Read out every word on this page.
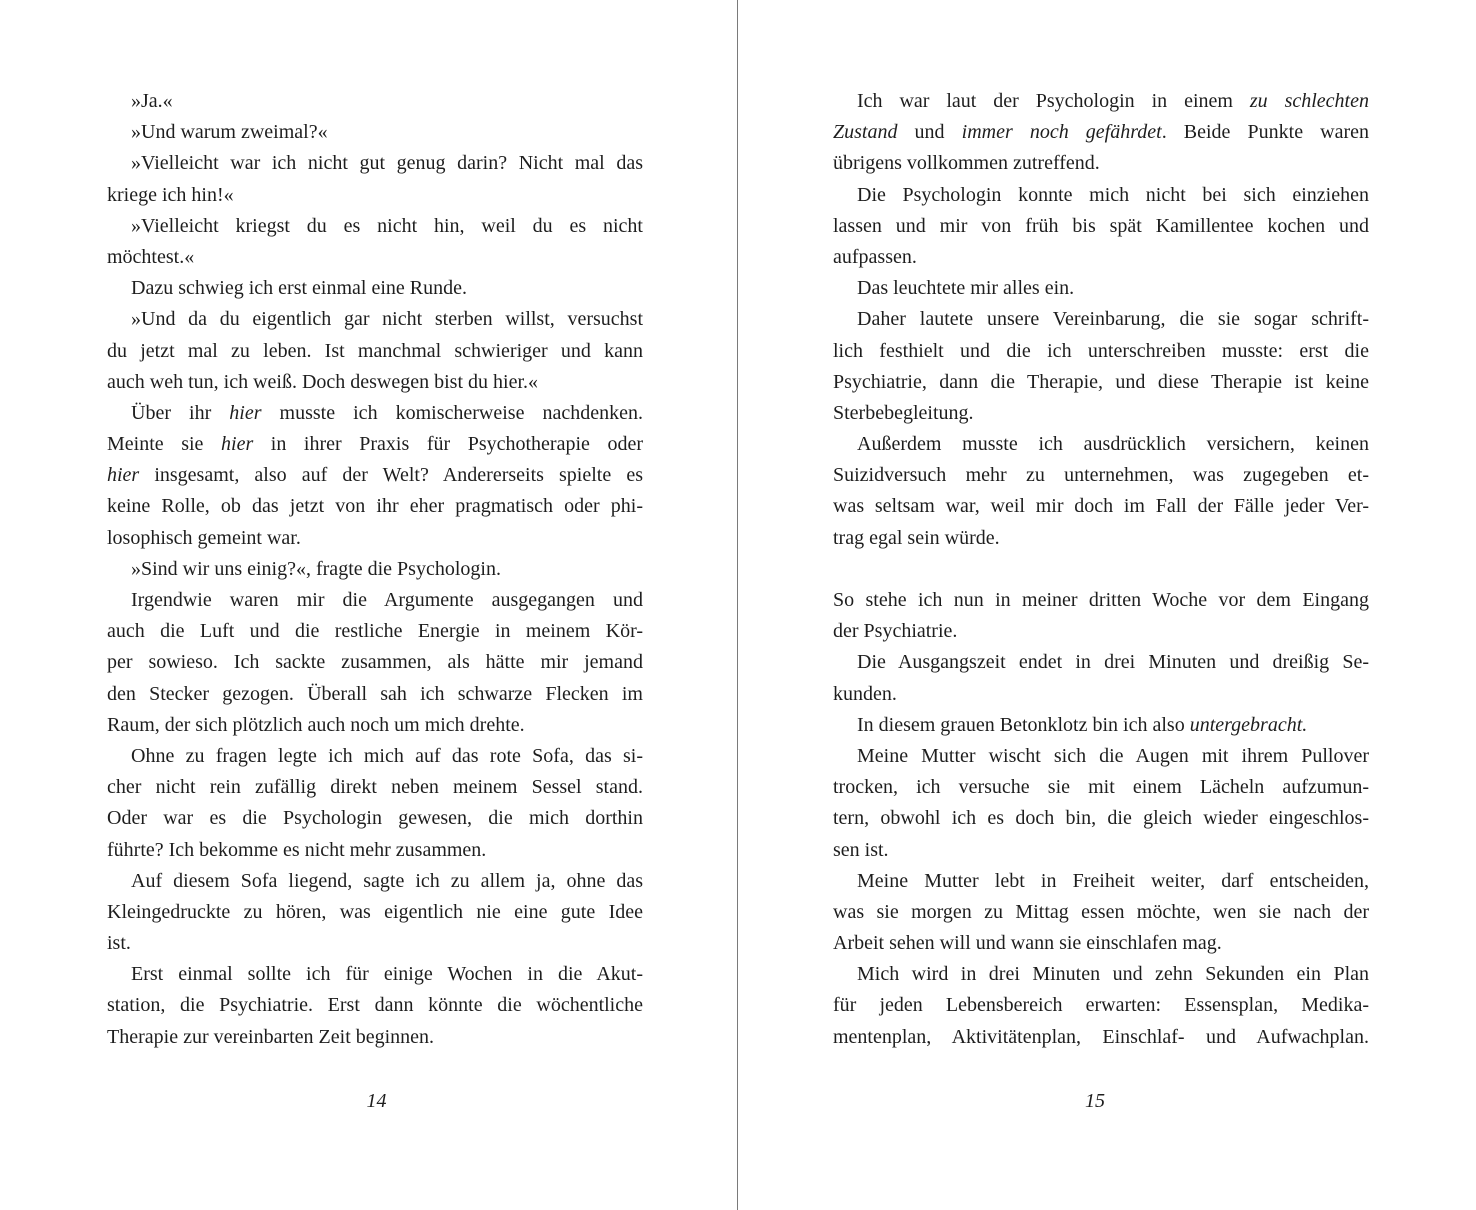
»Ja.«
»Und warum zweimal?«
»Vielleicht war ich nicht gut genug darin? Nicht mal das
kriege ich hin!«
»Vielleicht kriegst du es nicht hin, weil du es nicht
möchtest.«
Dazu schwieg ich erst einmal eine Runde.
»Und da du eigentlich gar nicht sterben willst, versuchst
du jetzt mal zu leben. Ist manchmal schwieriger und kann
auch weh tun, ich weiß. Doch deswegen bist du hier.«
Über ihr hier musste ich komischerweise nachdenken.
Meinte sie hier in ihrer Praxis für Psychotherapie oder
hier insgesamt, also auf der Welt? Andererseits spielte es
keine Rolle, ob das jetzt von ihr eher pragmatisch oder phi-
losophisch gemeint war.
»Sind wir uns einig?«, fragte die Psychologin.
Irgendwie waren mir die Argumente ausgegangen und
auch die Luft und die restliche Energie in meinem Kör-
per sowieso. Ich sackte zusammen, als hätte mir jemand
den Stecker gezogen. Überall sah ich schwarze Flecken im
Raum, der sich plötzlich auch noch um mich drehte.
Ohne zu fragen legte ich mich auf das rote Sofa, das si-
cher nicht rein zufällig direkt neben meinem Sessel stand.
Oder war es die Psychologin gewesen, die mich dorthin
führte? Ich bekomme es nicht mehr zusammen.
Auf diesem Sofa liegend, sagte ich zu allem ja, ohne das
Kleingedruckte zu hören, was eigentlich nie eine gute Idee
ist.
Erst einmal sollte ich für einige Wochen in die Akut-
station, die Psychiatrie. Erst dann könnte die wöchentliche
Therapie zur vereinbarten Zeit beginnen.
14
Ich war laut der Psychologin in einem zu schlechten
Zustand und immer noch gefährdet. Beide Punkte waren
übrigens vollkommen zutreffend.
Die Psychologin konnte mich nicht bei sich einziehen
lassen und mir von früh bis spät Kamillentee kochen und
aufpassen.
Das leuchtete mir alles ein.
Daher lautete unsere Vereinbarung, die sie sogar schrift-
lich festhielt und die ich unterschreiben musste: erst die
Psychiatrie, dann die Therapie, und diese Therapie ist keine
Sterbebegleitung.
Außerdem musste ich ausdrücklich versichern, keinen
Suizidversuch mehr zu unternehmen, was zugegeben et-
was seltsam war, weil mir doch im Fall der Fälle jeder Ver-
trag egal sein würde.
So stehe ich nun in meiner dritten Woche vor dem Eingang
der Psychiatrie.
Die Ausgangszeit endet in drei Minuten und dreißig Se-
kunden.
In diesem grauen Betonklotz bin ich also untergebracht.
Meine Mutter wischt sich die Augen mit ihrem Pullover
trocken, ich versuche sie mit einem Lächeln aufzumun-
tern, obwohl ich es doch bin, die gleich wieder eingeschlos-
sen ist.
Meine Mutter lebt in Freiheit weiter, darf entscheiden,
was sie morgen zu Mittag essen möchte, wen sie nach der
Arbeit sehen will und wann sie einschlafen mag.
Mich wird in drei Minuten und zehn Sekunden ein Plan
für jeden Lebensbereich erwarten: Essensplan, Medika-
mentenplan, Aktivitätenplan, Einschlaf- und Aufwachplan.
15
